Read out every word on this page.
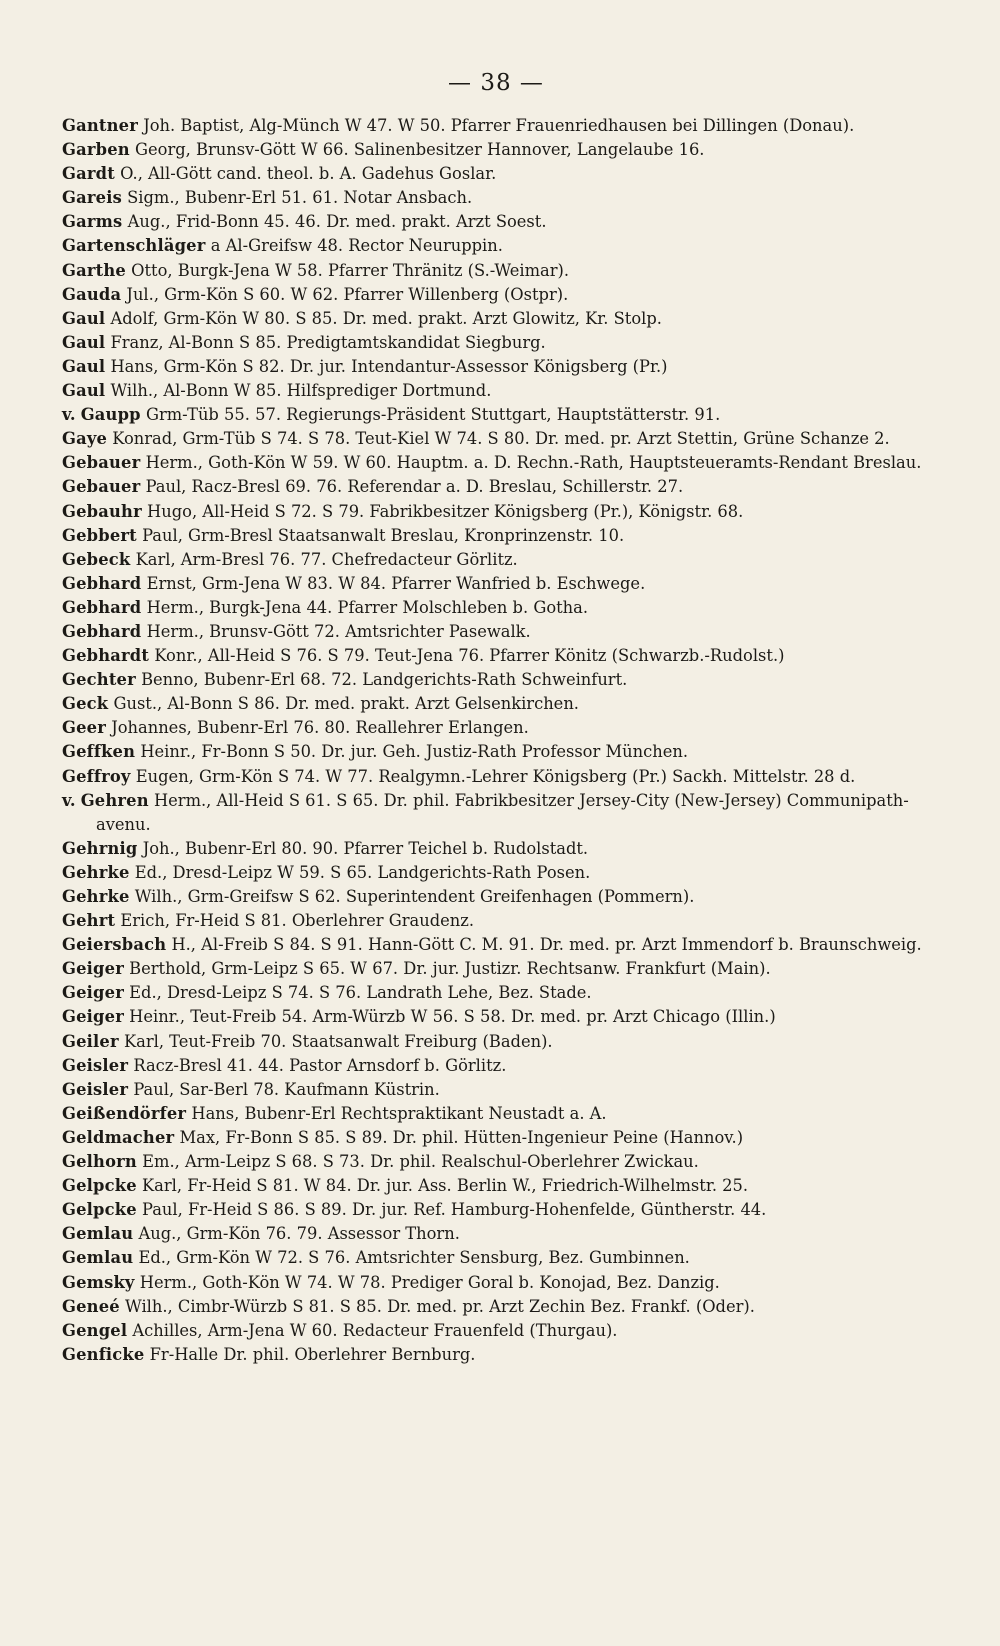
— 38 —
Gantner Joh. Baptist, Alg-Münch W 47. W 50. Pfarrer Frauenriedhausen bei Dillingen (Donau).
Garben Georg, Brunsv-Gött W 66. Salinenbesitzer Hannover, Langelaube 16.
Gardt O., All-Gött cand. theol. b. A. Gadehus Goslar.
Gareis Sigm., Bubenr-Erl 51. 61. Notar Ansbach.
Garms Aug., Frid-Bonn 45. 46. Dr. med. prakt. Arzt Soest.
Gartenschläger a Al-Greifsw 48. Rector Neuruppin.
Garthe Otto, Burgk-Jena W 58. Pfarrer Thränitz (S.-Weimar).
Gauda Jul., Grm-Kön S 60. W 62. Pfarrer Willenberg (Ostpr).
Gaul Adolf, Grm-Kön W 80. S 85. Dr. med. prakt. Arzt Glowitz, Kr. Stolp.
Gaul Franz, Al-Bonn S 85. Predigtamtskandidat Siegburg.
Gaul Hans, Grm-Kön S 82. Dr. jur. Intendantur-Assessor Königsberg (Pr.)
Gaul Wilh., Al-Bonn W 85. Hilfsprediger Dortmund.
v. Gaupp Grm-Tüb 55. 57. Regierungs-Präsident Stuttgart, Hauptstätterstr. 91.
Gaye Konrad, Grm-Tüb S 74. S 78. Teut-Kiel W 74. S 80. Dr. med. pr. Arzt Stettin, Grüne Schanze 2.
Gebauer Herm., Goth-Kön W 59. W 60. Hauptm. a. D. Rechn.-Rath, Hauptsteueramts-Rendant Breslau.
Gebauer Paul, Racz-Bresl 69. 76. Referendar a. D. Breslau, Schillerstr. 27.
Gebauhr Hugo, All-Heid S 72. S 79. Fabrikbesitzer Königsberg (Pr.), Königstr. 68.
Gebbert Paul, Grm-Bresl Staatsanwalt Breslau, Kronprinzenstr. 10.
Gebeck Karl, Arm-Bresl 76. 77. Chefredacteur Görlitz.
Gebhard Ernst, Grm-Jena W 83. W 84. Pfarrer Wanfried b. Eschwege.
Gebhard Herm., Burgk-Jena 44. Pfarrer Molschleben b. Gotha.
Gebhard Herm., Brunsv-Gött 72. Amtsrichter Pasewalk.
Gebhardt Konr., All-Heid S 76. S 79. Teut-Jena 76. Pfarrer Könitz (Schwarzb.-Rudolst.)
Gechter Benno, Bubenr-Erl 68. 72. Landgerichts-Rath Schweinfurt.
Geck Gust., Al-Bonn S 86. Dr. med. prakt. Arzt Gelsenkirchen.
Geer Johannes, Bubenr-Erl 76. 80. Reallehrer Erlangen.
Geffken Heinr., Fr-Bonn S 50. Dr. jur. Geh. Justiz-Rath Professor München.
Geffroy Eugen, Grm-Kön S 74. W 77. Realgymn.-Lehrer Königsberg (Pr.) Sackh. Mittelstr. 28 d.
v. Gehren Herm., All-Heid S 61. S 65. Dr. phil. Fabrikbesitzer Jersey-City (New-Jersey) Communipath-avenu.
Gehrnig Joh., Bubenr-Erl 80. 90. Pfarrer Teichel b. Rudolstadt.
Gehrke Ed., Dresd-Leipz W 59. S 65. Landgerichts-Rath Posen.
Gehrke Wilh., Grm-Greifsw S 62. Superintendent Greifenhagen (Pommern).
Gehrt Erich, Fr-Heid S 81. Oberlehrer Graudenz.
Geiersbach H., Al-Freib S 84. S 91. Hann-Gött C. M. 91. Dr. med. pr. Arzt Immendorf b. Braunschweig.
Geiger Berthold, Grm-Leipz S 65. W 67. Dr. jur. Justizr. Rechtsanw. Frankfurt (Main).
Geiger Ed., Dresd-Leipz S 74. S 76. Landrath Lehe, Bez. Stade.
Geiger Heinr., Teut-Freib 54. Arm-Würzb W 56. S 58. Dr. med. pr. Arzt Chicago (Illin.)
Geiler Karl, Teut-Freib 70. Staatsanwalt Freiburg (Baden).
Geisler Racz-Bresl 41. 44. Pastor Arnsdorf b. Görlitz.
Geisler Paul, Sar-Berl 78. Kaufmann Küstrin.
Geißendörfer Hans, Bubenr-Erl Rechtspraktikant Neustadt a. A.
Geldmacher Max, Fr-Bonn S 85. S 89. Dr. phil. Hütten-Ingenieur Peine (Hannov.)
Gelhorn Em., Arm-Leipz S 68. S 73. Dr. phil. Realschul-Oberlehrer Zwickau.
Gelpcke Karl, Fr-Heid S 81. W 84. Dr. jur. Ass. Berlin W., Friedrich-Wilhelmstr. 25.
Gelpcke Paul, Fr-Heid S 86. S 89. Dr. jur. Ref. Hamburg-Hohenfelde, Güntherstr. 44.
Gemlau Aug., Grm-Kön 76. 79. Assessor Thorn.
Gemlau Ed., Grm-Kön W 72. S 76. Amtsrichter Sensburg, Bez. Gumbinnen.
Gemsky Herm., Goth-Kön W 74. W 78. Prediger Goral b. Konojad, Bez. Danzig.
Geneé Wilh., Cimbr-Würzb S 81. S 85. Dr. med. pr. Arzt Zechin Bez. Frankf. (Oder).
Gengel Achilles, Arm-Jena W 60. Redacteur Frauenfeld (Thurgau).
Genficke Fr-Halle Dr. phil. Oberlehrer Bernburg.
